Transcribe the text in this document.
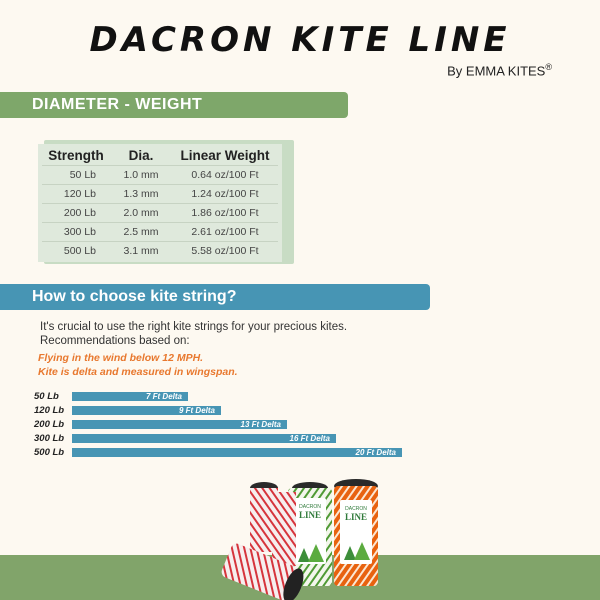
DACRON KITE LINE
By EMMA KITES®
DIAMETER - WEIGHT
Strength	Dia.	Linear Weight
50 Lb	1.0 mm	0.64 oz/100 Ft
120 Lb	1.3 mm	1.24 oz/100 Ft
200 Lb	2.0 mm	1.86 oz/100 Ft
300 Lb	2.5 mm	2.61 oz/100 Ft
500 Lb	3.1 mm	5.58 oz/100 Ft
How to choose kite string?
It's crucial to use the right kite strings for your precious kites. Recommendations based on:
Flying in the wind below 12 MPH.
Kite is delta and measured in wingspan.
50 Lb	7 Ft Delta
120 Lb	9 Ft Delta
200 Lb	13 Ft Delta
300 Lb	16 Ft Delta
500 Lb	20 Ft Delta
DACRON
LINE
DACRON
LINE
